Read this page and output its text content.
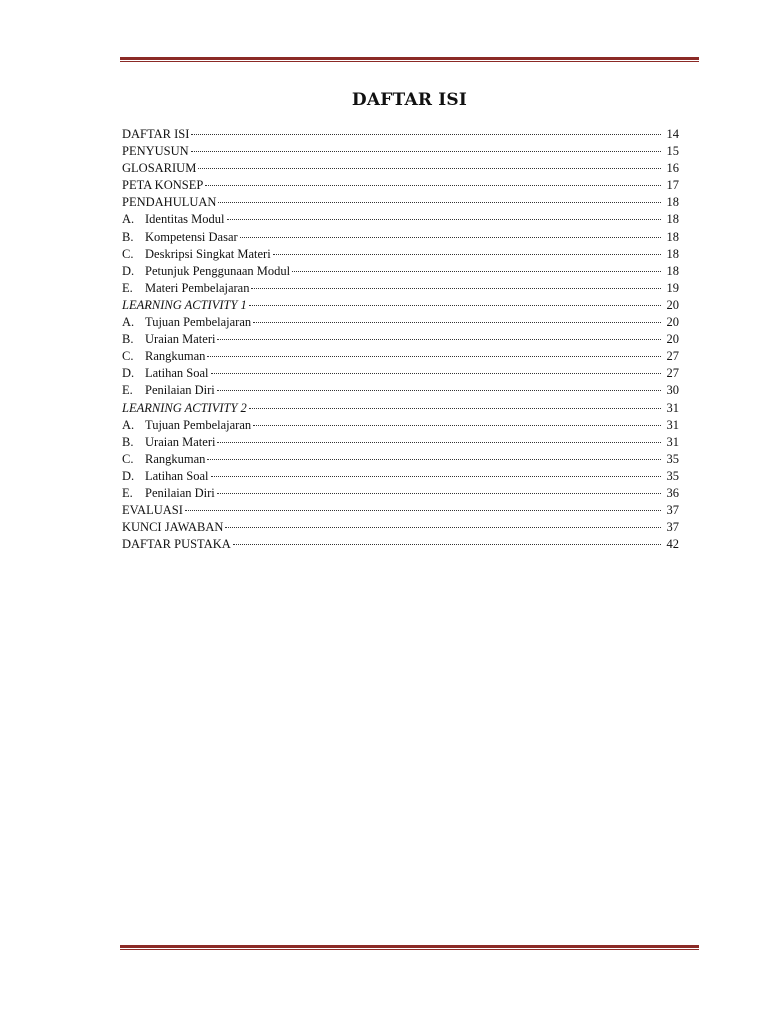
DAFTAR ISI
DAFTAR ISI	14
PENYUSUN	15
GLOSARIUM	16
PETA KONSEP	17
PENDAHULUAN	18
A. Identitas Modul	18
B. Kompetensi Dasar	18
C. Deskripsi Singkat Materi	18
D. Petunjuk Penggunaan Modul	18
E. Materi Pembelajaran	19
LEARNING ACTIVITY 1	20
A. Tujuan Pembelajaran	20
B. Uraian Materi	20
C. Rangkuman	27
D. Latihan Soal	27
E. Penilaian Diri	30
LEARNING ACTIVITY 2	31
A. Tujuan Pembelajaran	31
B. Uraian Materi	31
C. Rangkuman	35
D. Latihan Soal	35
E. Penilaian Diri	36
EVALUASI	37
KUNCI JAWABAN	37
DAFTAR PUSTAKA	42
